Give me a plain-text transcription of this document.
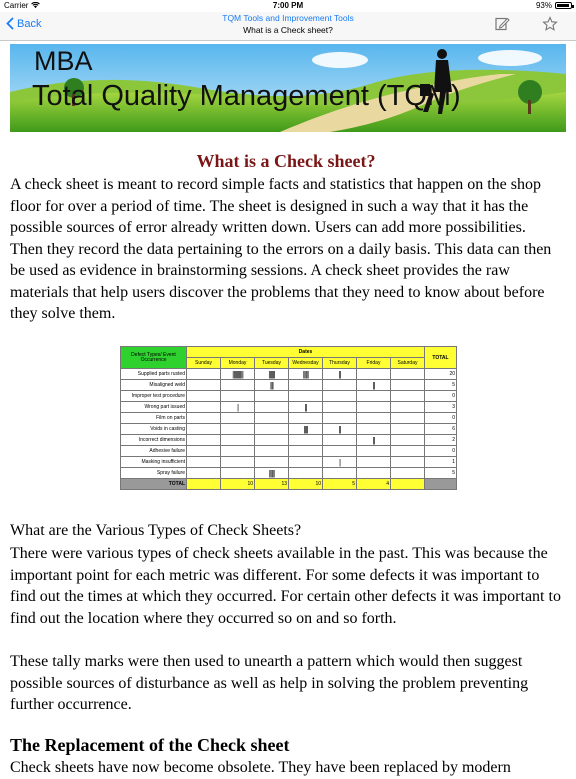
Carrier	7:00 PM	93%
Back	TQM Tools and Improvement Tools
What is a Check sheet?
MBA
Total Quality Management (TQM)
What is a Check sheet?

A check sheet is meant to record simple facts and statistics that happen on the shop floor for over a period of time. The sheet is designed in such a way that it has the possible sources of error already written down. Users can add more possibilities. Then they record the data pertaining to the errors on a daily basis. This data can then be used as evidence in brainstorming sessions. A check sheet provides the raw materials that help users discover the problems that they need to know about before they solve them.

Defect Types/ Event Occurrence	Dates							TOTAL
	Sunday	Monday	Tuesday	Wednesday	Thursday	Friday	Saturday	
Supplied parts rusted		||||||||||	||||||	|||||	||			20
Misaligned weld			|||			||		5
Improper test procedure								0
Wrong part issued		|		||				3
Film on parts								0
Voids in casting				||||	||			6
Incorrect dimensions						||		2
Adhesive failure								0
Masking insufficient					|			1
Spray failure			|||||					5
TOTAL		10	13	10	5	4		
What are the Various Types of Check Sheets?

There were various types of check sheets available in the past. This was because the important point for each metric was different. For some defects it was important to find out the times at which they occurred. For certain other defects it was important to find out the location where they occurred so on and so forth.

These tally marks were then used to unearth a pattern which would then suggest possible sources of disturbance as well as help in solving the problem preventing further occurrence.

The Replacement of the Check sheet

Check sheets have now become obsolete. They have been replaced by modern
